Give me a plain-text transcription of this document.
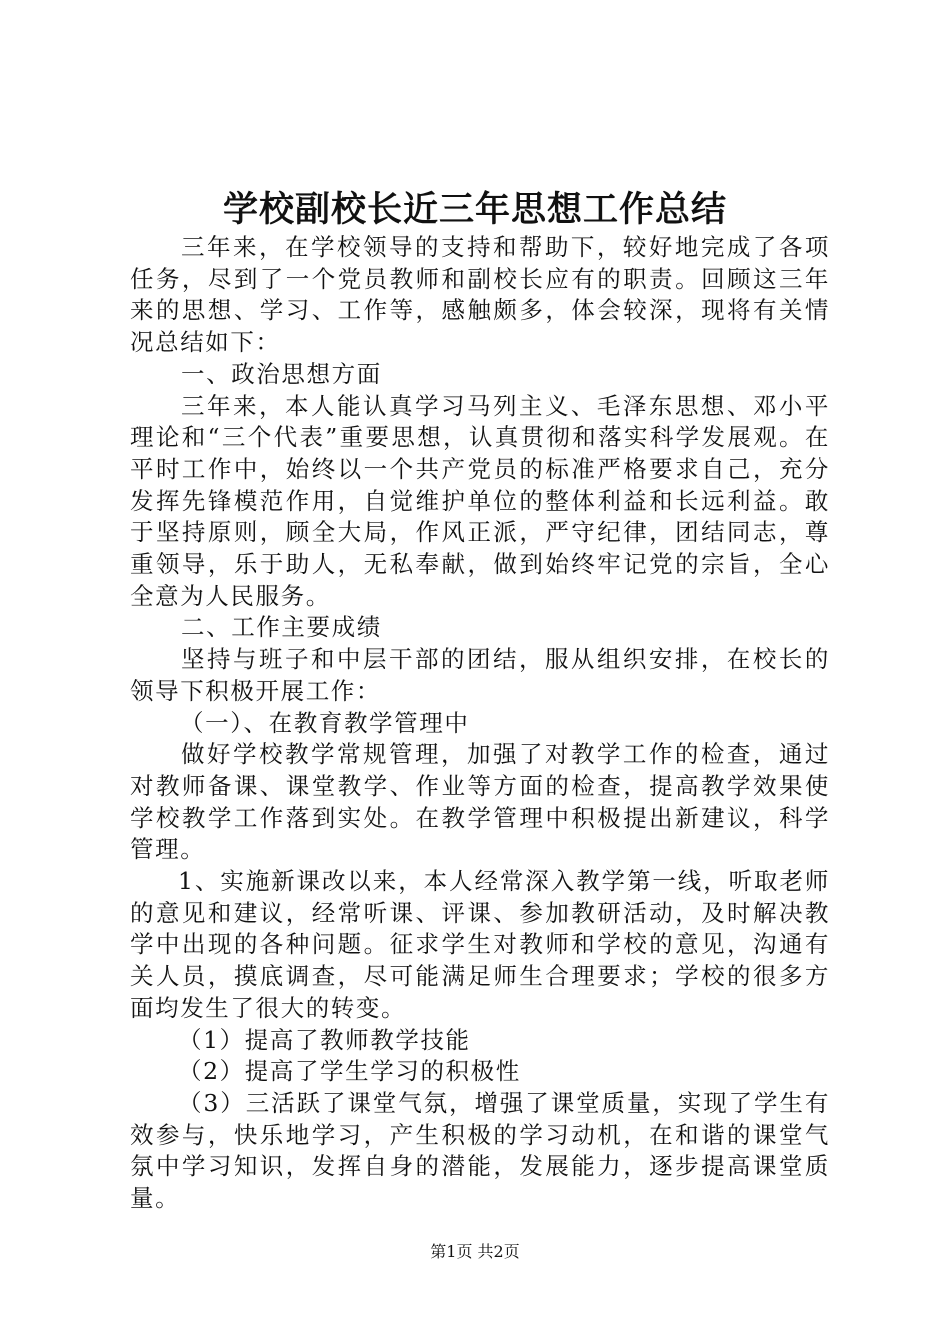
学校副校长近三年思想工作总结

三年来，在学校领导的支持和帮助下，较好地完成了各项任务，尽到了一个党员教师和副校长应有的职责。回顾这三年来的思想、学习、工作等，感触颇多，体会较深，现将有关情况总结如下：

一、政治思想方面

三年来，本人能认真学习马列主义、毛泽东思想、邓小平理论和“三个代表”重要思想，认真贯彻和落实科学发展观。在平时工作中，始终以一个共产党员的标准严格要求自己，充分发挥先锋模范作用，自觉维护单位的整体利益和长远利益。敢于坚持原则，顾全大局，作风正派，严守纪律，团结同志，尊重领导，乐于助人，无私奉献，做到始终牢记党的宗旨，全心全意为人民服务。

二、工作主要成绩

坚持与班子和中层干部的团结，服从组织安排，在校长的领导下积极开展工作：

（一）、在教育教学管理中

做好学校教学常规管理，加强了对教学工作的检查，通过对教师备课、课堂教学、作业等方面的检查，提高教学效果使学校教学工作落到实处。在教学管理中积极提出新建议，科学管理。

1、实施新课改以来，本人经常深入教学第一线，听取老师的意见和建议，经常听课、评课、参加教研活动，及时解决教学中出现的各种问题。征求学生对教师和学校的意见，沟通有关人员，摸底调查，尽可能满足师生合理要求；学校的很多方面均发生了很大的转变。

（1）提高了教师教学技能

（2）提高了学生学习的积极性

（3）三活跃了课堂气氛，增强了课堂质量，实现了学生有效参与，快乐地学习，产生积极的学习动机，在和谐的课堂气氛中学习知识，发挥自身的潜能，发展能力，逐步提高课堂质量。

第1页 共2页
